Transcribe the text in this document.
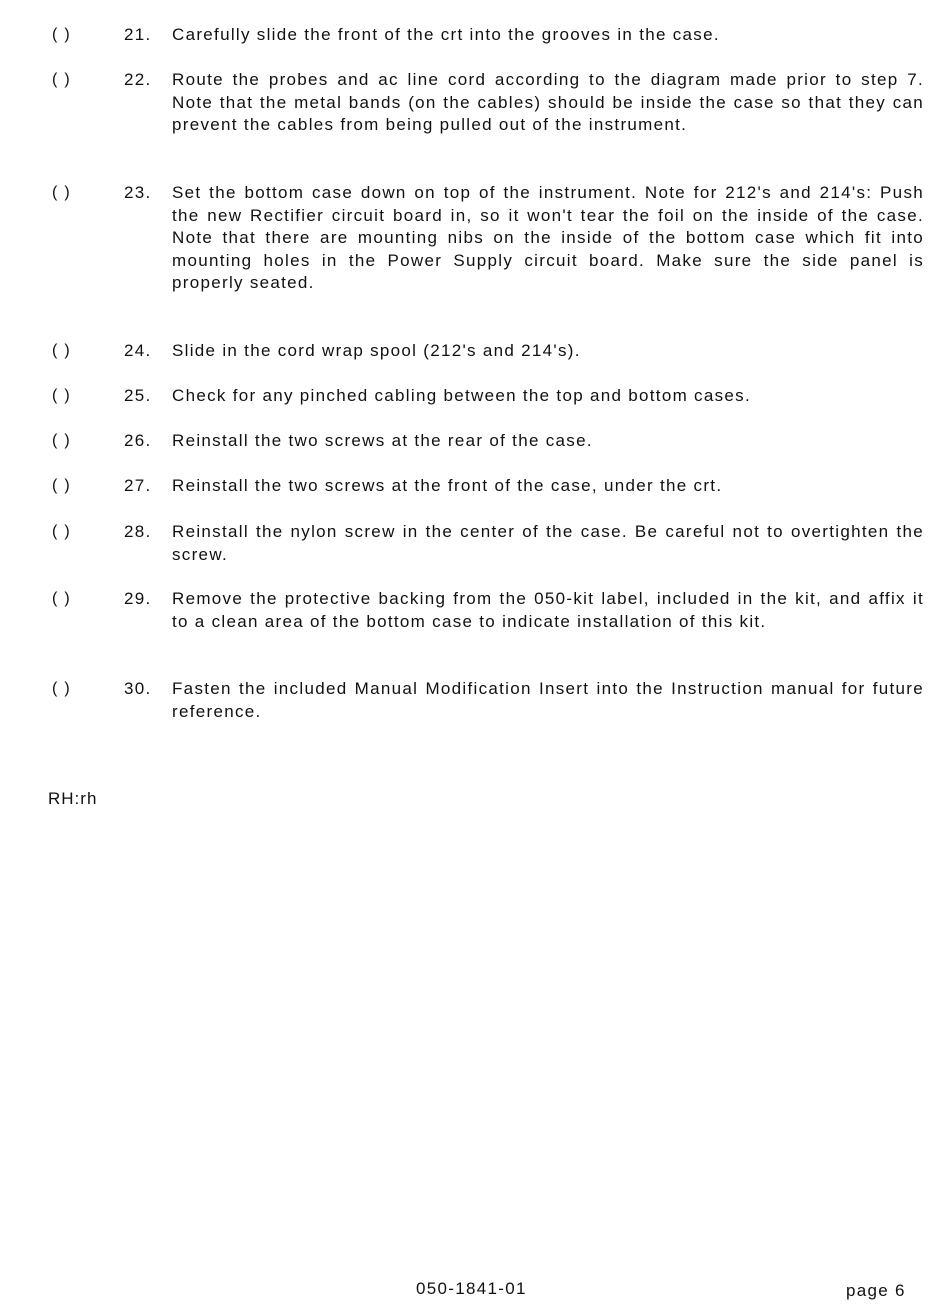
( )	21. Carefully slide the front of the crt into the grooves in the case.
( )	22. Route the probes and ac line cord according to the diagram made prior to step 7. Note that the metal bands (on the cables) should be inside the case so that they can prevent the cables from being pulled out of the instrument.
( )	23. Set the bottom case down on top of the instrument. Note for 212's and 214's: Push the new Rectifier circuit board in, so it won't tear the foil on the inside of the case. Note that there are mounting nibs on the inside of the bottom case which fit into mounting holes in the Power Supply circuit board. Make sure the side panel is properly seated.
( )	24. Slide in the cord wrap spool (212's and 214's).
( )	25. Check for any pinched cabling between the top and bottom cases.
( )	26. Reinstall the two screws at the rear of the case.
( )	27. Reinstall the two screws at the front of the case, under the crt.
( )	28. Reinstall the nylon screw in the center of the case. Be careful not to overtighten the screw.
( )	29. Remove the protective backing from the 050-kit label, included in the kit, and affix it to a clean area of the bottom case to indicate installation of this kit.
( )	30. Fasten the included Manual Modification Insert into the Instruction manual for future reference.
RH:rh
050-1841-01	page 6
